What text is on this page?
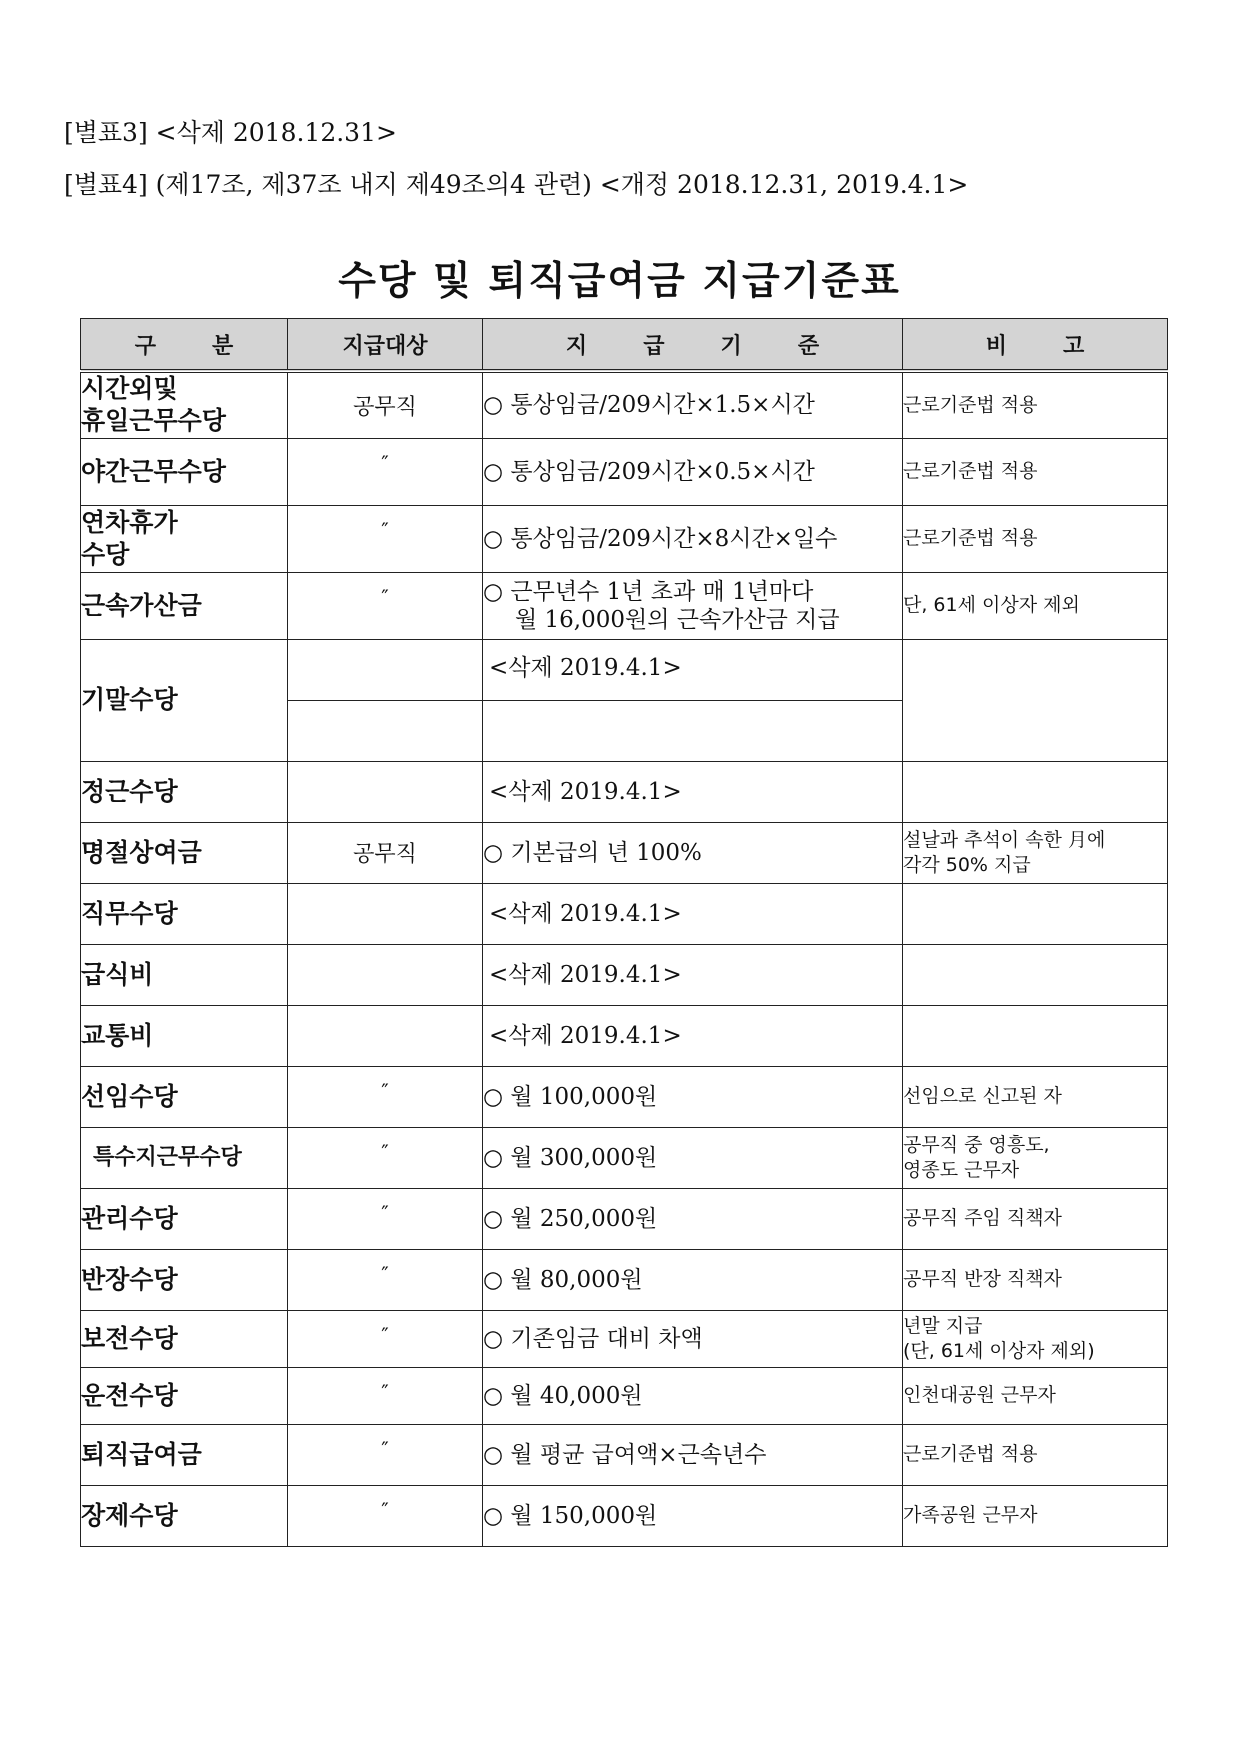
[별표3] <삭제 2018.12.31>
[별표4] (제17조, 제37조 내지 제49조의4 관련) <개정 2018.12.31, 2019.4.1>
수당 및 퇴직급여금 지급기준표
구 분	지급대상	지 급 기 준	비 고

시간외및
휴일근무수당	공무직	○ 통상임금/209시간×1.5×시간	근로기준법 적용

야간근무수당	″	○ 통상임금/209시간×0.5×시간	근로기준법 적용

연차휴가
수당	″	○ 통상임금/209시간×8시간×일수	근로기준법 적용

근속가산금	″	○ 근무년수 1년 초과 매 1년마다
월 16,000원의 근속가산금 지급	단, 61세 이상자 제외

기말수당		<삭제 2019.4.1>	

정근수당		<삭제 2019.4.1>	

명절상여금	공무직	○ 기본급의 년 100%	설날과 추석이 속한 月에
각각 50% 지급

직무수당		<삭제 2019.4.1>	

급식비		<삭제 2019.4.1>	

교통비		<삭제 2019.4.1>	

선임수당	″	○ 월 100,000원	선임으로 신고된 자

특수지근무수당	″	○ 월 300,000원	공무직 중 영흥도,
영종도 근무자

관리수당	″	○ 월 250,000원	공무직 주임 직책자

반장수당	″	○ 월 80,000원	공무직 반장 직책자

보전수당	″	○ 기존임금 대비 차액	년말 지급
(단, 61세 이상자 제외)

운전수당	″	○ 월 40,000원	인천대공원 근무자

퇴직급여금	″	○ 월 평균 급여액×근속년수	근로기준법 적용

장제수당	″	○ 월 150,000원	가족공원 근무자
